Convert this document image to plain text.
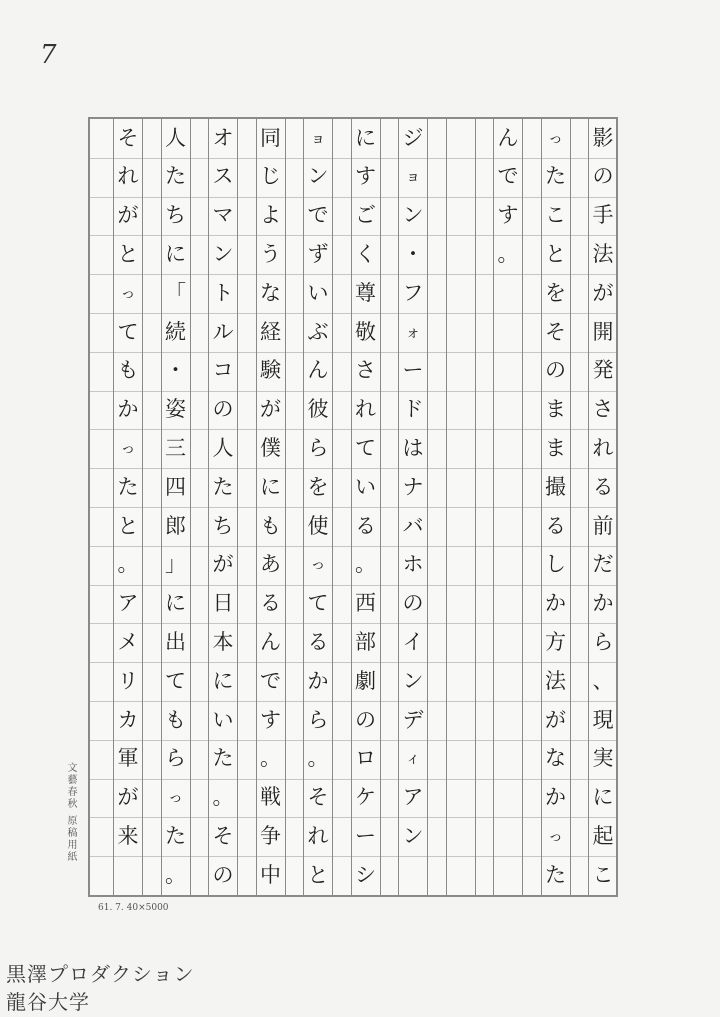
7
影
の
手
法
が
開
発
さ
れ
る
前
だ
か
ら
、
現
実
に
起
こ
っ
た
こ
と
を
そ
の
ま
ま
撮
る
し
か
方
法
が
な
か
っ
た
ん
で
す
。
ジ
ョ
ン
・
フ
ォ
ー
ド
は
ナ
バ
ホ
の
イ
ン
デ
ィ
ア
ン
に
す
ご
く
尊
敬
さ
れ
て
い
る
。
西
部
劇
の
ロ
ケ
ー
シ
ョ
ン
で
ず
い
ぶ
ん
彼
ら
を
使
っ
て
る
か
ら
。
そ
れ
と
同
じ
よ
う
な
経
験
が
僕
に
も
あ
る
ん
で
す
。
戦
争
中
オ
ス
マ
ン
ト
ル
コ
の
人
た
ち
が
日
本
に
い
た
。
そ
の
人
た
ち
に
「
続
・
姿
三
四
郎
」
に
出
て
も
ら
っ
た
。
そ
れ
が
と
っ
て
も
か
っ
た
と
。
ア
メ
リ
カ
軍
が
来
文藝春秋 原稿用紙
61. 7. 40×5000
黒澤プロダクション
龍谷大学
